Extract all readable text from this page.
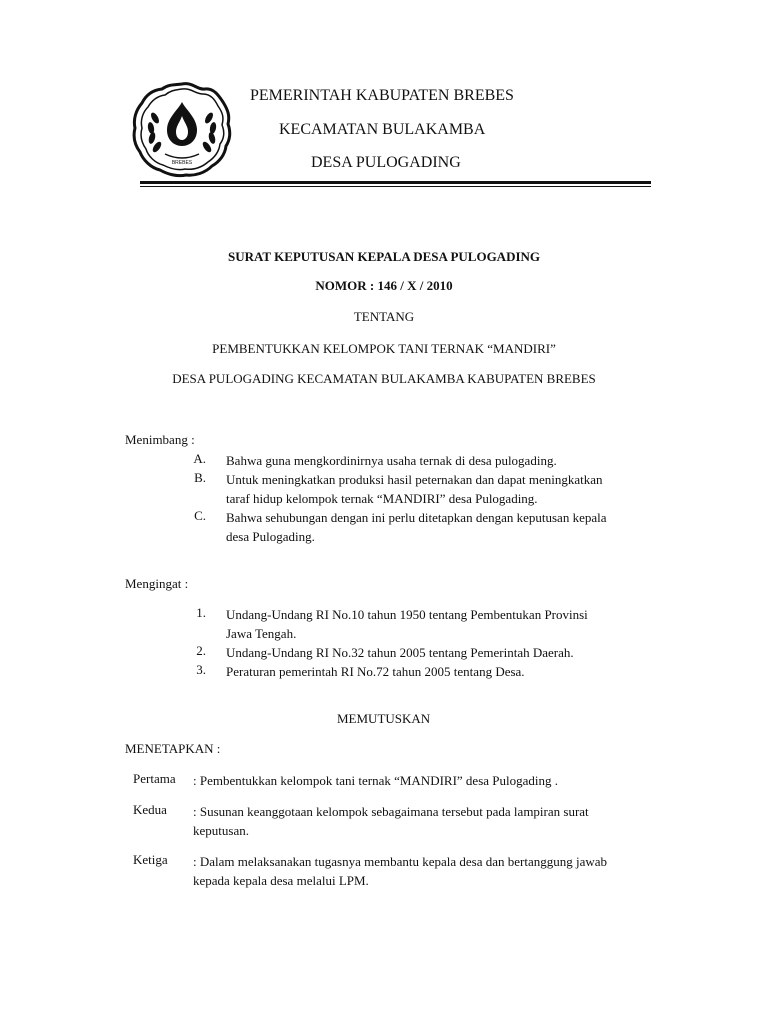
BREBES
PEMERINTAH KABUPATEN BREBES
KECAMATAN BULAKAMBA
DESA PULOGADING
SURAT KEPUTUSAN KEPALA DESA PULOGADING
NOMOR : 146 / X / 2010
TENTANG
PEMBENTUKKAN KELOMPOK TANI TERNAK “MANDIRI”
DESA PULOGADING KECAMATAN BULAKAMBA KABUPATEN BREBES
Menimbang :
A. Bahwa guna mengkordinirnya usaha ternak di desa pulogading.
B. Untuk meningkatkan produksi hasil peternakan dan dapat meningkatkan
taraf hidup kelompok ternak “MANDIRI” desa Pulogading.
C. Bahwa sehubungan dengan ini perlu ditetapkan dengan keputusan kepala
desa Pulogading.
Mengingat :
1. Undang-Undang RI No.10 tahun 1950 tentang Pembentukan Provinsi
Jawa Tengah.
2. Undang-Undang RI No.32 tahun 2005 tentang Pemerintah Daerah.
3. Peraturan pemerintah RI No.72 tahun 2005 tentang Desa.
MEMUTUSKAN
MENETAPKAN :
Pertama : Pembentukkan kelompok tani ternak “MANDIRI” desa Pulogading .
Kedua : Susunan keanggotaan kelompok sebagaimana tersebut pada lampiran surat
keputusan.
Ketiga : Dalam melaksanakan tugasnya membantu kepala desa dan bertanggung jawab
kepada kepala desa melalui LPM.
